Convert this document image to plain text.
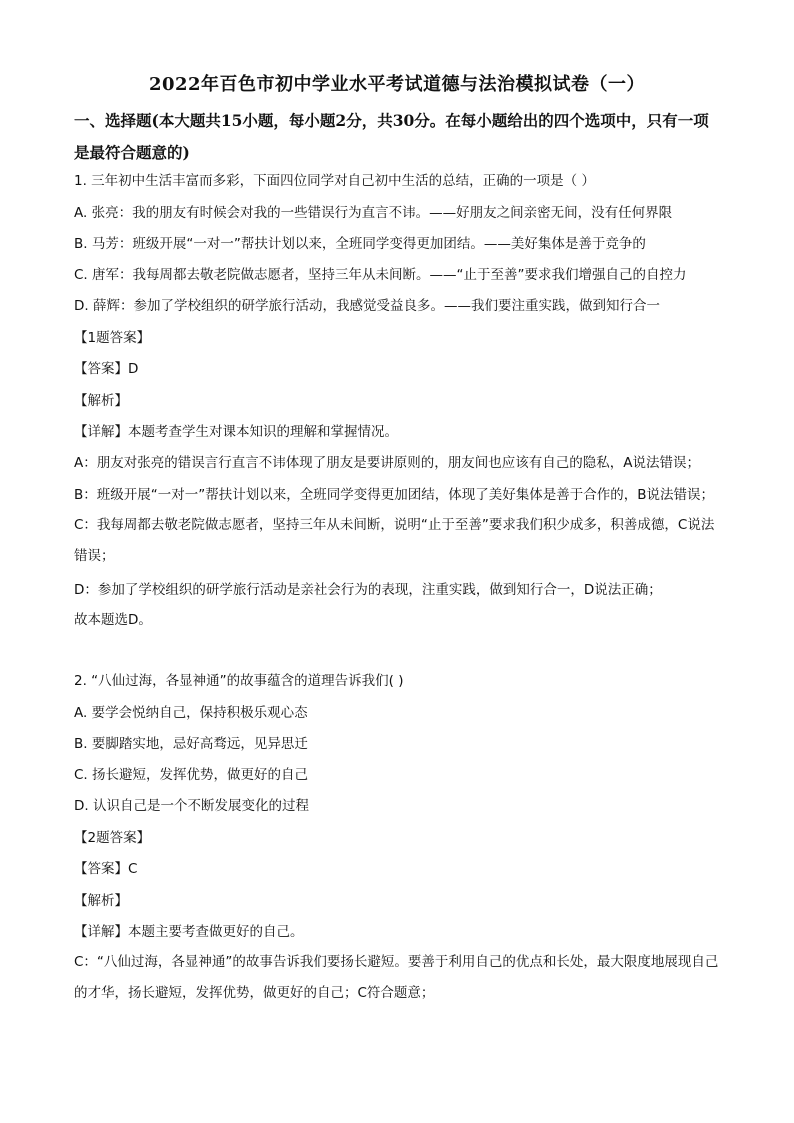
2022年百色市初中学业水平考试道德与法治模拟试卷（一）
一、选择题(本大题共15小题，每小题2分，共30分。在每小题给出的四个选项中，只有一项是最符合题意的)
1. 三年初中生活丰富而多彩，下面四位同学对自己初中生活的总结，正确的一项是（ ）
A. 张亮：我的朋友有时候会对我的一些错误行为直言不讳。——好朋友之间亲密无间，没有任何界限
B. 马芳：班级开展“一对一”帮扶计划以来，全班同学变得更加团结。——美好集体是善于竞争的
C. 唐军：我每周都去敬老院做志愿者，坚持三年从未间断。——“止于至善”要求我们增强自己的自控力
D. 薛辉：参加了学校组织的研学旅行活动，我感觉受益良多。——我们要注重实践，做到知行合一
【1题答案】
【答案】D
【解析】
【详解】本题考查学生对课本知识的理解和掌握情况。
A：朋友对张亮的错误言行直言不讳体现了朋友是要讲原则的，朋友间也应该有自己的隐私，A说法错误；
B：班级开展“一对一”帮扶计划以来，全班同学变得更加团结，体现了美好集体是善于合作的，B说法错误；
C：我每周都去敬老院做志愿者，坚持三年从未间断，说明“止于至善”要求我们积少成多，积善成德，C说法错误；
D：参加了学校组织的研学旅行活动是亲社会行为的表现，注重实践，做到知行合一，D说法正确；
故本题选D。
2. “八仙过海，各显神通”的故事蕴含的道理告诉我们( )
A. 要学会悦纳自己，保持积极乐观心态
B. 要脚踏实地，忌好高骛远，见异思迁
C. 扬长避短，发挥优势，做更好的自己
D. 认识自己是一个不断发展变化的过程
【2题答案】
【答案】C
【解析】
【详解】本题主要考查做更好的自己。
C：“八仙过海，各显神通”的故事告诉我们要扬长避短。要善于利用自己的优点和长处，最大限度地展现自己的才华，扬长避短，发挥优势，做更好的自己；C符合题意；
